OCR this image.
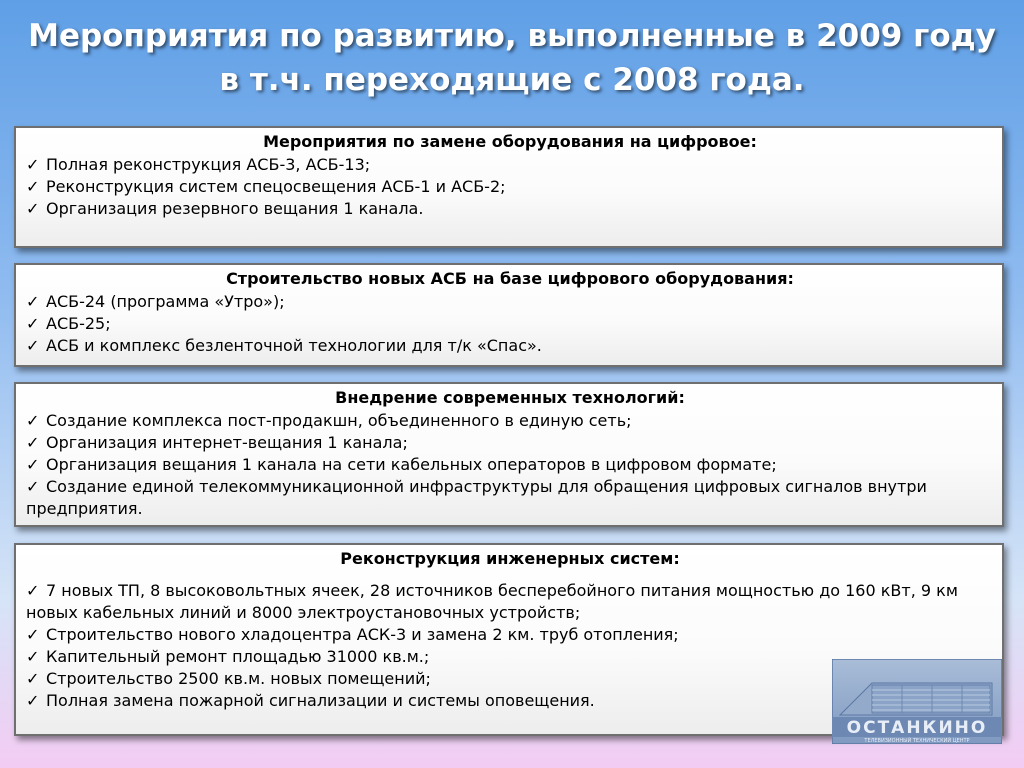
Мероприятия по развитию, выполненные в 2009 году
в т.ч. переходящие с 2008 года.
Мероприятия по замене оборудования на цифровое:
✓ Полная реконструкция АСБ-3, АСБ-13;
✓ Реконструкция систем спецосвещения АСБ-1 и АСБ-2;
✓ Организация резервного вещания 1 канала.
Строительство новых АСБ на базе цифрового оборудования:
✓ АСБ-24 (программа «Утро»);
✓ АСБ-25;
✓ АСБ и комплекс безленточной технологии для т/к «Спас».
Внедрение современных технологий:
✓ Создание комплекса пост-продакшн, объединенного в единую сеть;
✓ Организация интернет-вещания 1 канала;
✓ Организация вещания 1 канала на сети кабельных операторов в цифровом формате;
✓ Создание единой телекоммуникационной инфраструктуры для обращения цифровых сигналов внутри предприятия.
Реконструкция инженерных систем:
✓ 7 новых ТП, 8 высоковольтных ячеек, 28 источников бесперебойного питания мощностью до 160 кВт, 9 км новых кабельных линий и 8000 электроустановочных устройств;
✓ Строительство нового хладоцентра АСК-3 и замена 2 км. труб отопления;
✓ Капительный ремонт площадью 31000 кв.м.;
✓ Строительство 2500 кв.м. новых помещений;
✓ Полная замена пожарной сигнализации и системы оповещения.
ОСТАНКИНО
ТЕЛЕВИЗИОННЫЙ ТЕХНИЧЕСКИЙ ЦЕНТР
